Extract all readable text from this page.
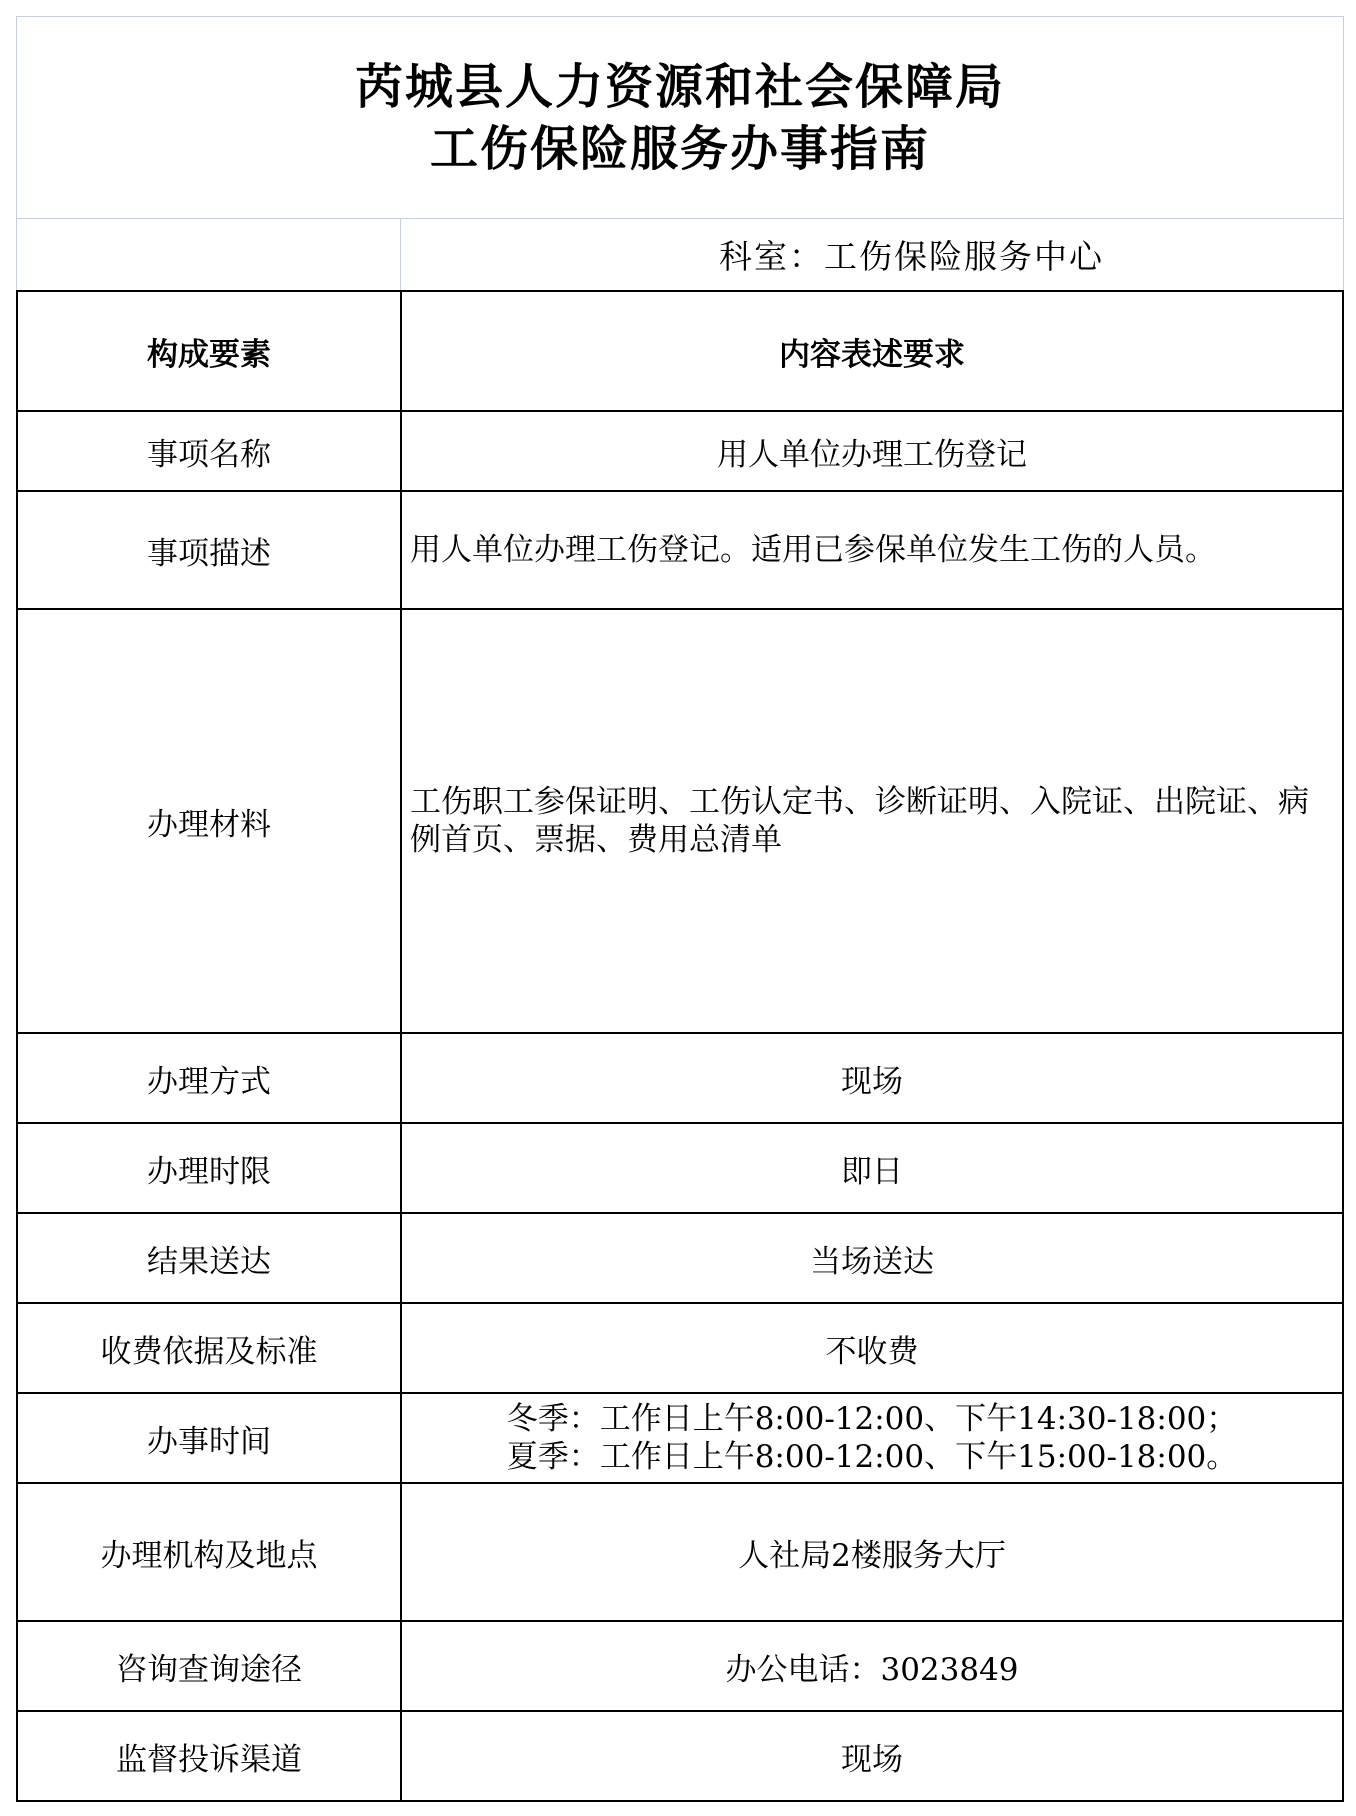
芮城县人力资源和社会保障局
工伤保险服务办事指南
科室：工伤保险服务中心
构成要素	内容表述要求
事项名称	用人单位办理工伤登记
事项描述	用人单位办理工伤登记。适用已参保单位发生工伤的人员。
办理材料	工伤职工参保证明、工伤认定书、诊断证明、入院证、出院证、病例首页、票据、费用总清单
办理方式	现场
办理时限	即日
结果送达	当场送达
收费依据及标准	不收费
办事时间	冬季：工作日上午8:00-12:00、下午14:30-18:00；
夏季：工作日上午8:00-12:00、下午15:00-18:00。

办理机构及地点	人社局2楼服务大厅
咨询查询途径	办公电话：3023849
监督投诉渠道	现场
